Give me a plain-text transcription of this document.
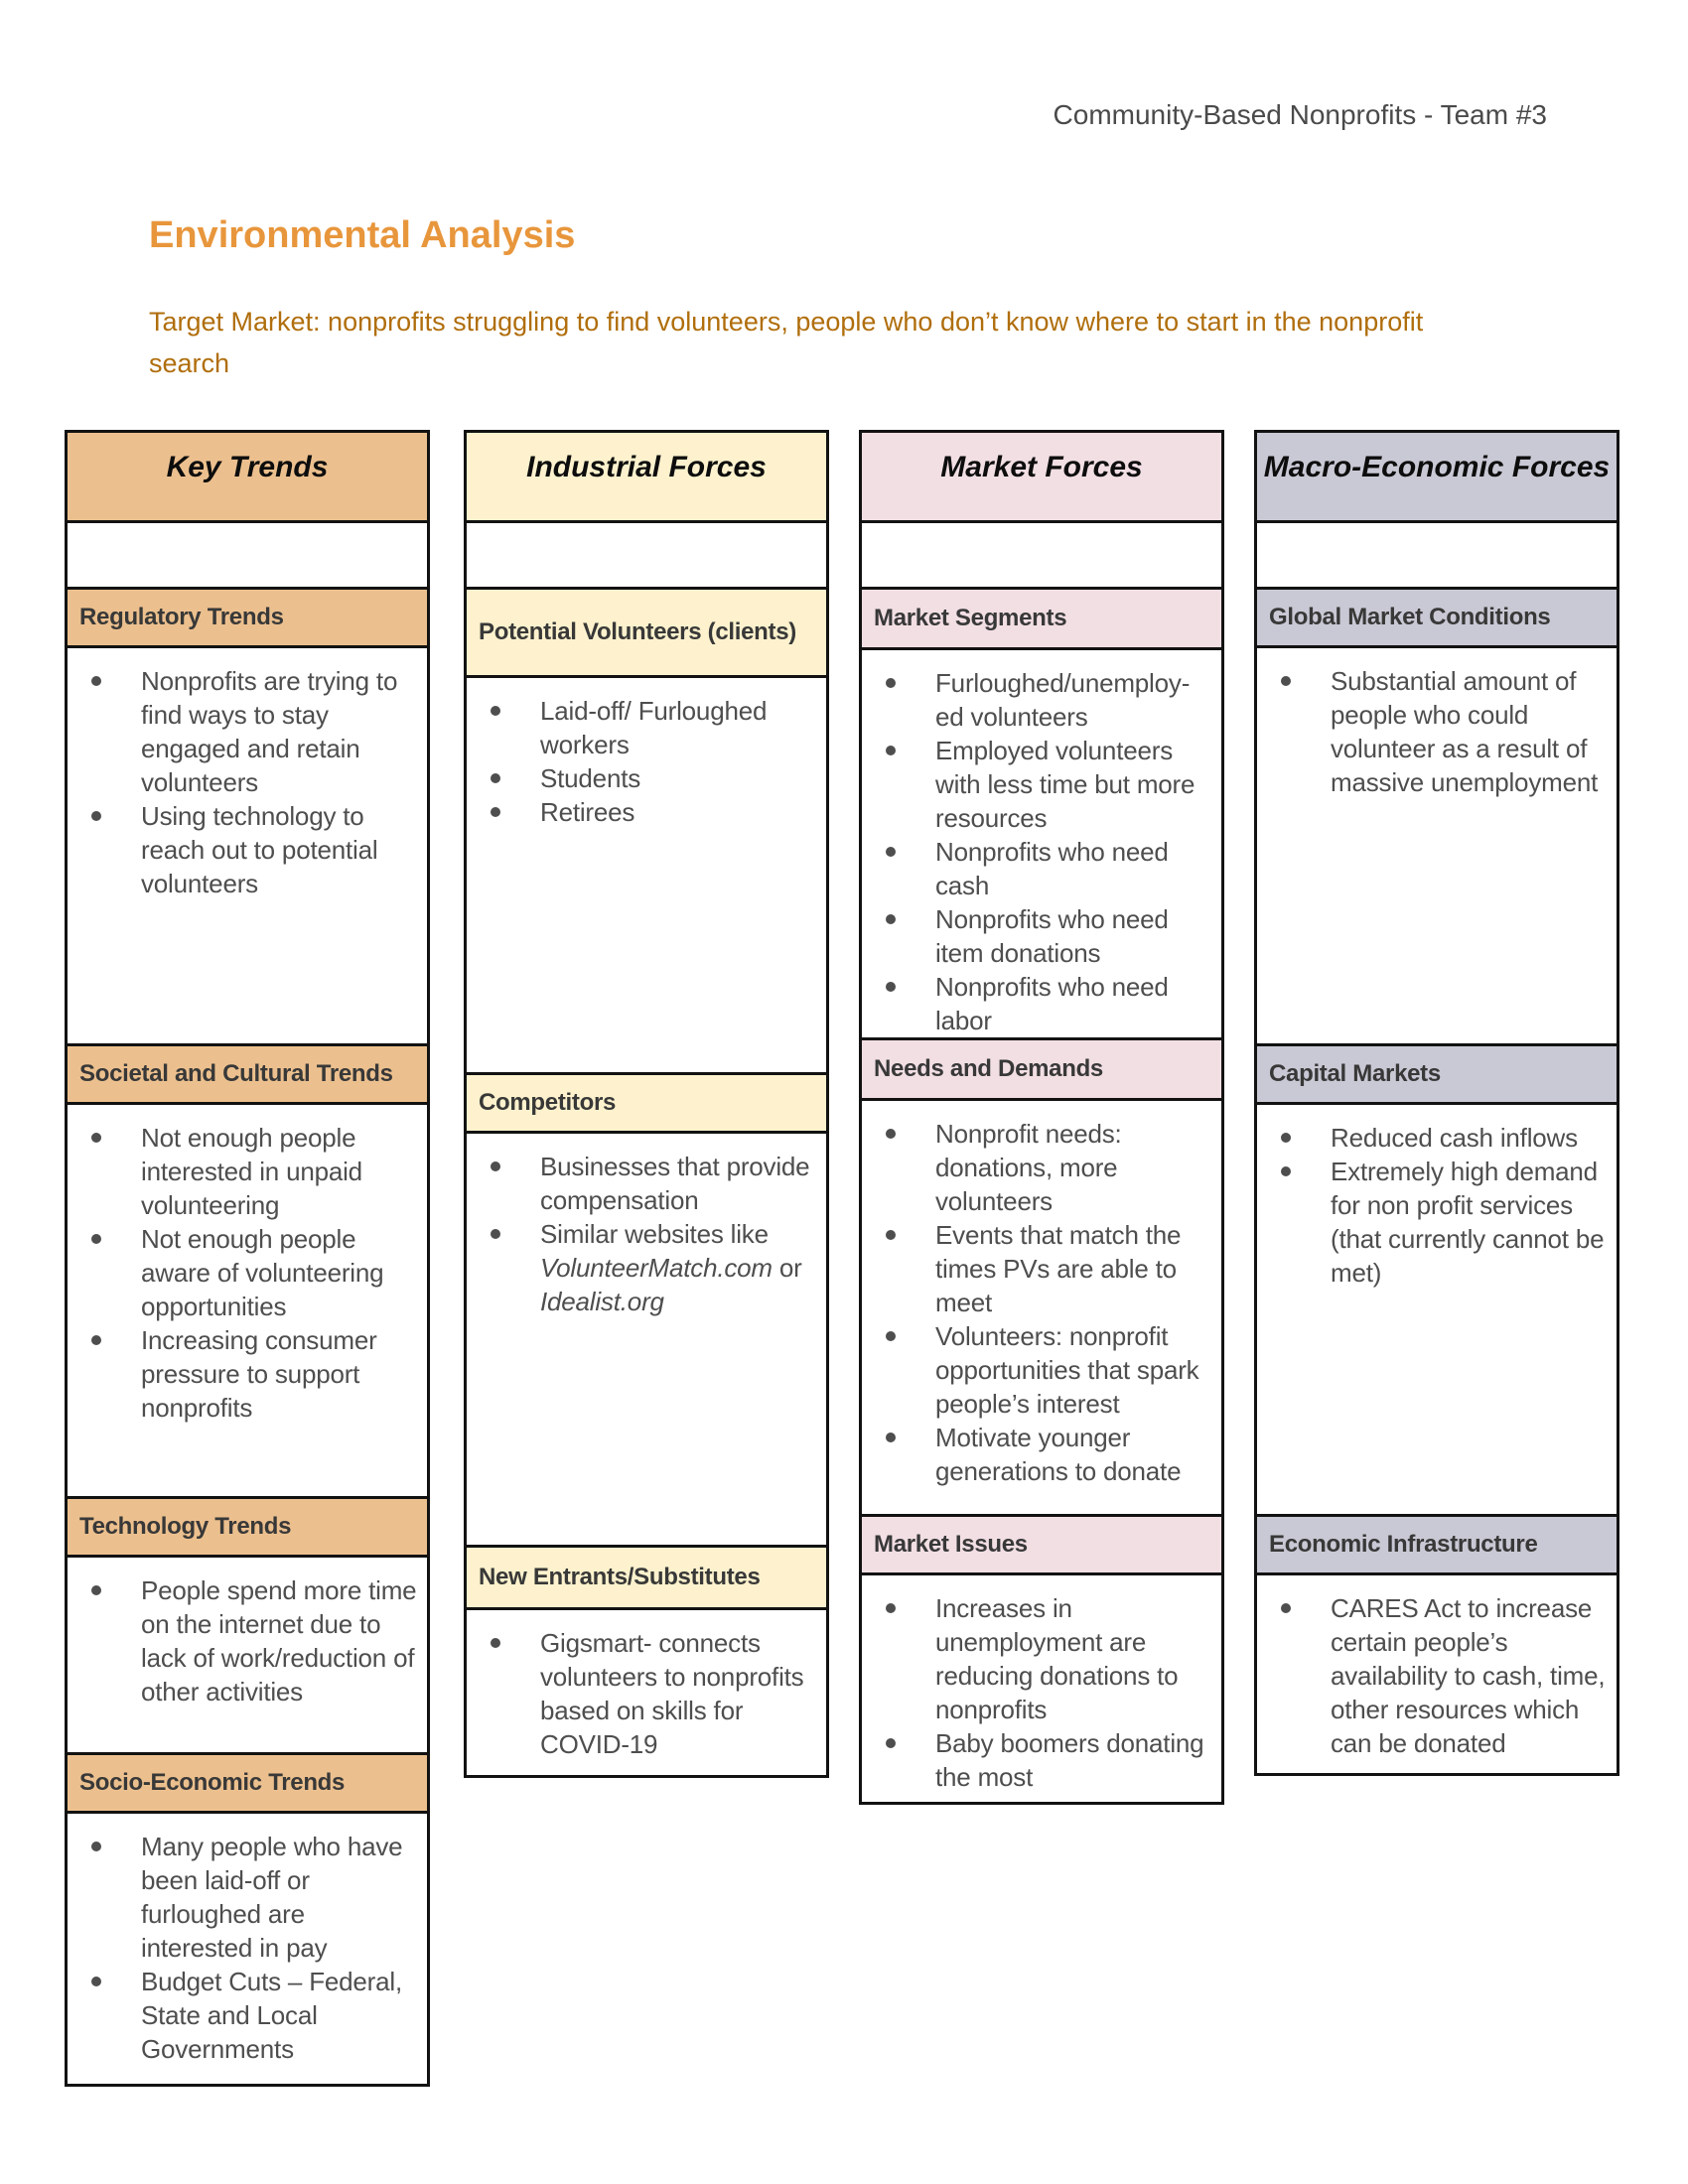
Community-Based Nonprofits - Team #3
Environmental Analysis
Target Market: nonprofits struggling to find volunteers, people who don’t know where to start in the nonprofit search
Key Trends
Regulatory Trends
Nonprofits are trying to find ways to stay engaged and retain volunteers
Using technology to reach out to potential volunteers
Societal and Cultural Trends
Not enough people interested in unpaid volunteering
Not enough people aware of volunteering opportunities
Increasing consumer pressure to support nonprofits
Technology Trends
People spend more time on the internet due to lack of work/reduction of other activities
Socio-Economic Trends
Many people who have been laid-off or furloughed are interested in pay
Budget Cuts – Federal, State and Local Governments
Industrial Forces
Potential Volunteers (clients)
Laid-off/ Furloughed workers
Students
Retirees
Competitors
Businesses that provide compensation
Similar websites like VolunteerMatch.com or Idealist.org
New Entrants/Substitutes
Gigsmart- connects volunteers to nonprofits based on skills for COVID-19
Market Forces
Market Segments
Furloughed/unemploy-ed volunteers
Employed volunteers with less time but more resources
Nonprofits who need cash
Nonprofits who need item donations
Nonprofits who need labor
Needs and Demands
Nonprofit needs: donations, more volunteers
Events that match the times PVs are able to meet
Volunteers: nonprofit opportunities that spark people’s interest
Motivate younger generations to donate
Market Issues
Increases in unemployment are reducing donations to nonprofits
Baby boomers donating the most
Macro-Economic Forces
Global Market Conditions
Substantial amount of people who could volunteer as a result of massive unemployment
Capital Markets
Reduced cash inflows
Extremely high demand for non profit services (that currently cannot be met)
Economic Infrastructure
CARES Act to increase certain people’s availability to cash, time, other resources which can be donated
